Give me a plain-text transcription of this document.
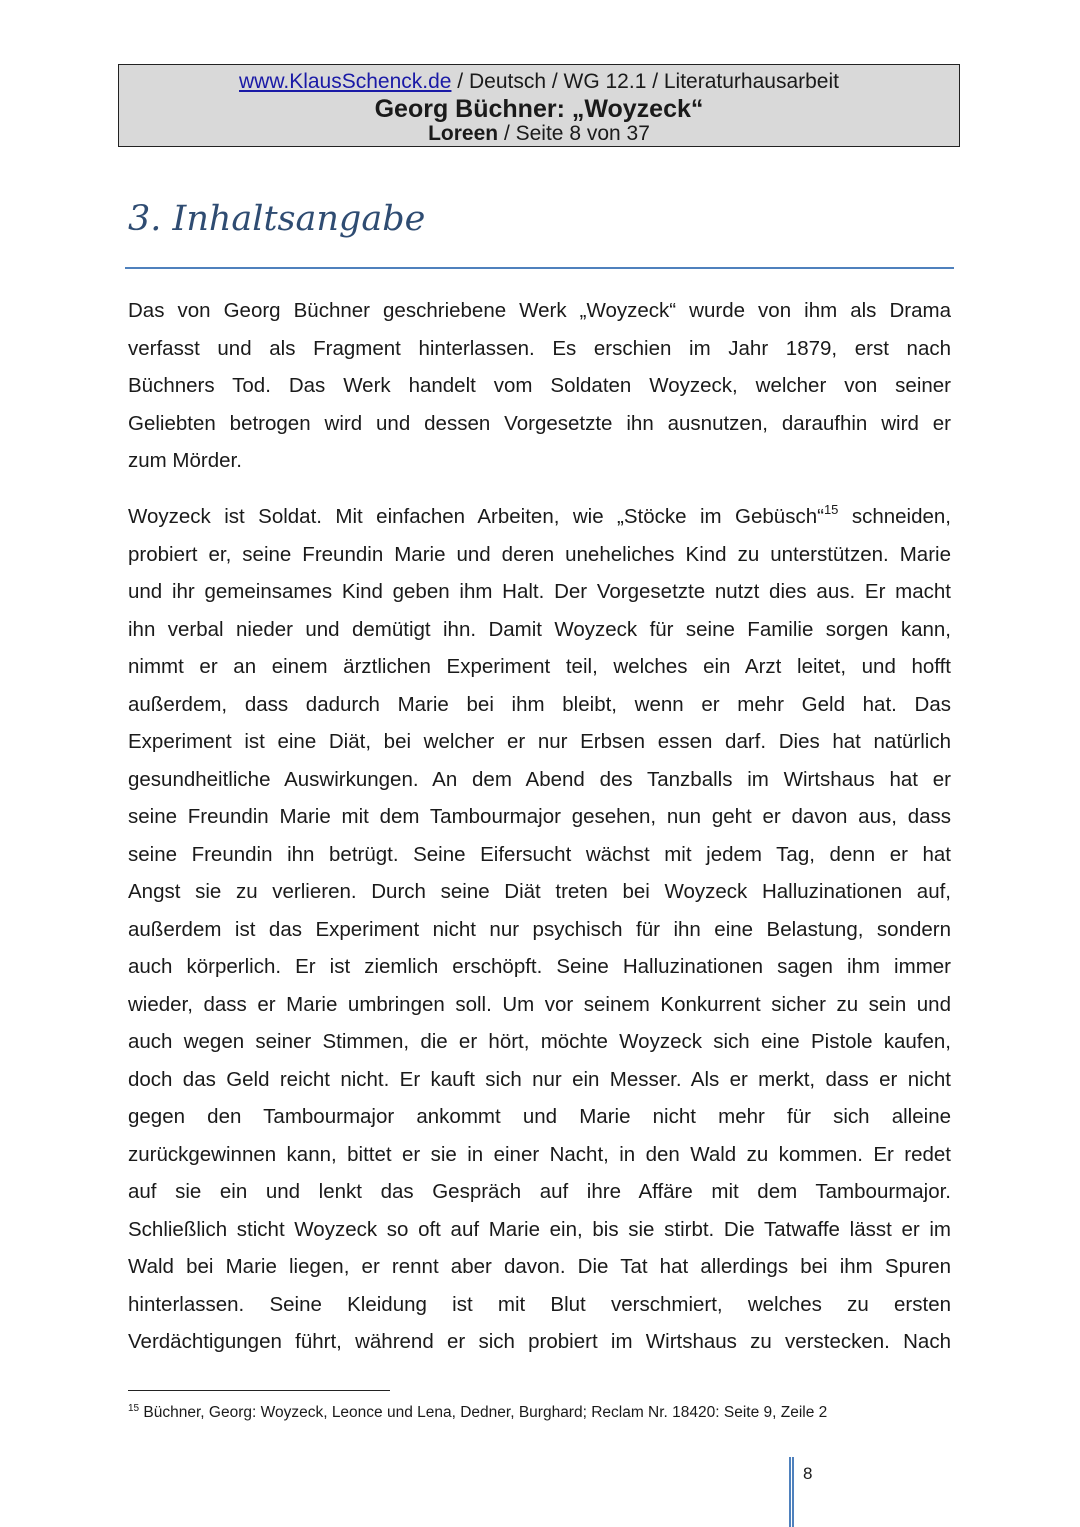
www.KlausSchenck.de / Deutsch / WG 12.1 / Literaturhausarbeit
Georg Büchner: „Woyzeck“
Loreen / Seite 8 von 37
3. Inhaltsangabe
Das von Georg Büchner geschriebene Werk „Woyzeck“ wurde von ihm als Drama
verfasst und als Fragment hinterlassen. Es erschien im Jahr 1879, erst nach
Büchners Tod. Das Werk handelt vom Soldaten Woyzeck, welcher von seiner
Geliebten betrogen wird und dessen Vorgesetzte ihn ausnutzen, daraufhin wird er
zum Mörder.
Woyzeck ist Soldat. Mit einfachen Arbeiten, wie „Stöcke im Gebüsch“$^{15}$ schneiden,
probiert er, seine Freundin Marie und deren uneheliches Kind zu unterstützen. Marie
und ihr gemeinsames Kind geben ihm Halt. Der Vorgesetzte nutzt dies aus. Er macht
ihn verbal nieder und demütigt ihn. Damit Woyzeck für seine Familie sorgen kann,
nimmt er an einem ärztlichen Experiment teil, welches ein Arzt leitet, und hofft
außerdem, dass dadurch Marie bei ihm bleibt, wenn er mehr Geld hat. Das
Experiment ist eine Diät, bei welcher er nur Erbsen essen darf. Dies hat natürlich
gesundheitliche Auswirkungen. An dem Abend des Tanzballs im Wirtshaus hat er
seine Freundin Marie mit dem Tambourmajor gesehen, nun geht er davon aus, dass
seine Freundin ihn betrügt. Seine Eifersucht wächst mit jedem Tag, denn er hat
Angst sie zu verlieren. Durch seine Diät treten bei Woyzeck Halluzinationen auf,
außerdem ist das Experiment nicht nur psychisch für ihn eine Belastung, sondern
auch körperlich. Er ist ziemlich erschöpft. Seine Halluzinationen sagen ihm immer
wieder, dass er Marie umbringen soll. Um vor seinem Konkurrent sicher zu sein und
auch wegen seiner Stimmen, die er hört, möchte Woyzeck sich eine Pistole kaufen,
doch das Geld reicht nicht. Er kauft sich nur ein Messer. Als er merkt, dass er nicht
gegen den Tambourmajor ankommt und Marie nicht mehr für sich alleine
zurückgewinnen kann, bittet er sie in einer Nacht, in den Wald zu kommen. Er redet
auf sie ein und lenkt das Gespräch auf ihre Affäre mit dem Tambourmajor.
Schließlich sticht Woyzeck so oft auf Marie ein, bis sie stirbt. Die Tatwaffe lässt er im
Wald bei Marie liegen, er rennt aber davon. Die Tat hat allerdings bei ihm Spuren
hinterlassen. Seine Kleidung ist mit Blut verschmiert, welches zu ersten
Verdächtigungen führt, während er sich probiert im Wirtshaus zu verstecken. Nach

$^{15}$ Büchner, Georg: Woyzeck, Leonce und Lena, Dedner, Burghard; Reclam Nr. 18420: Seite 9, Zeile 2

8
